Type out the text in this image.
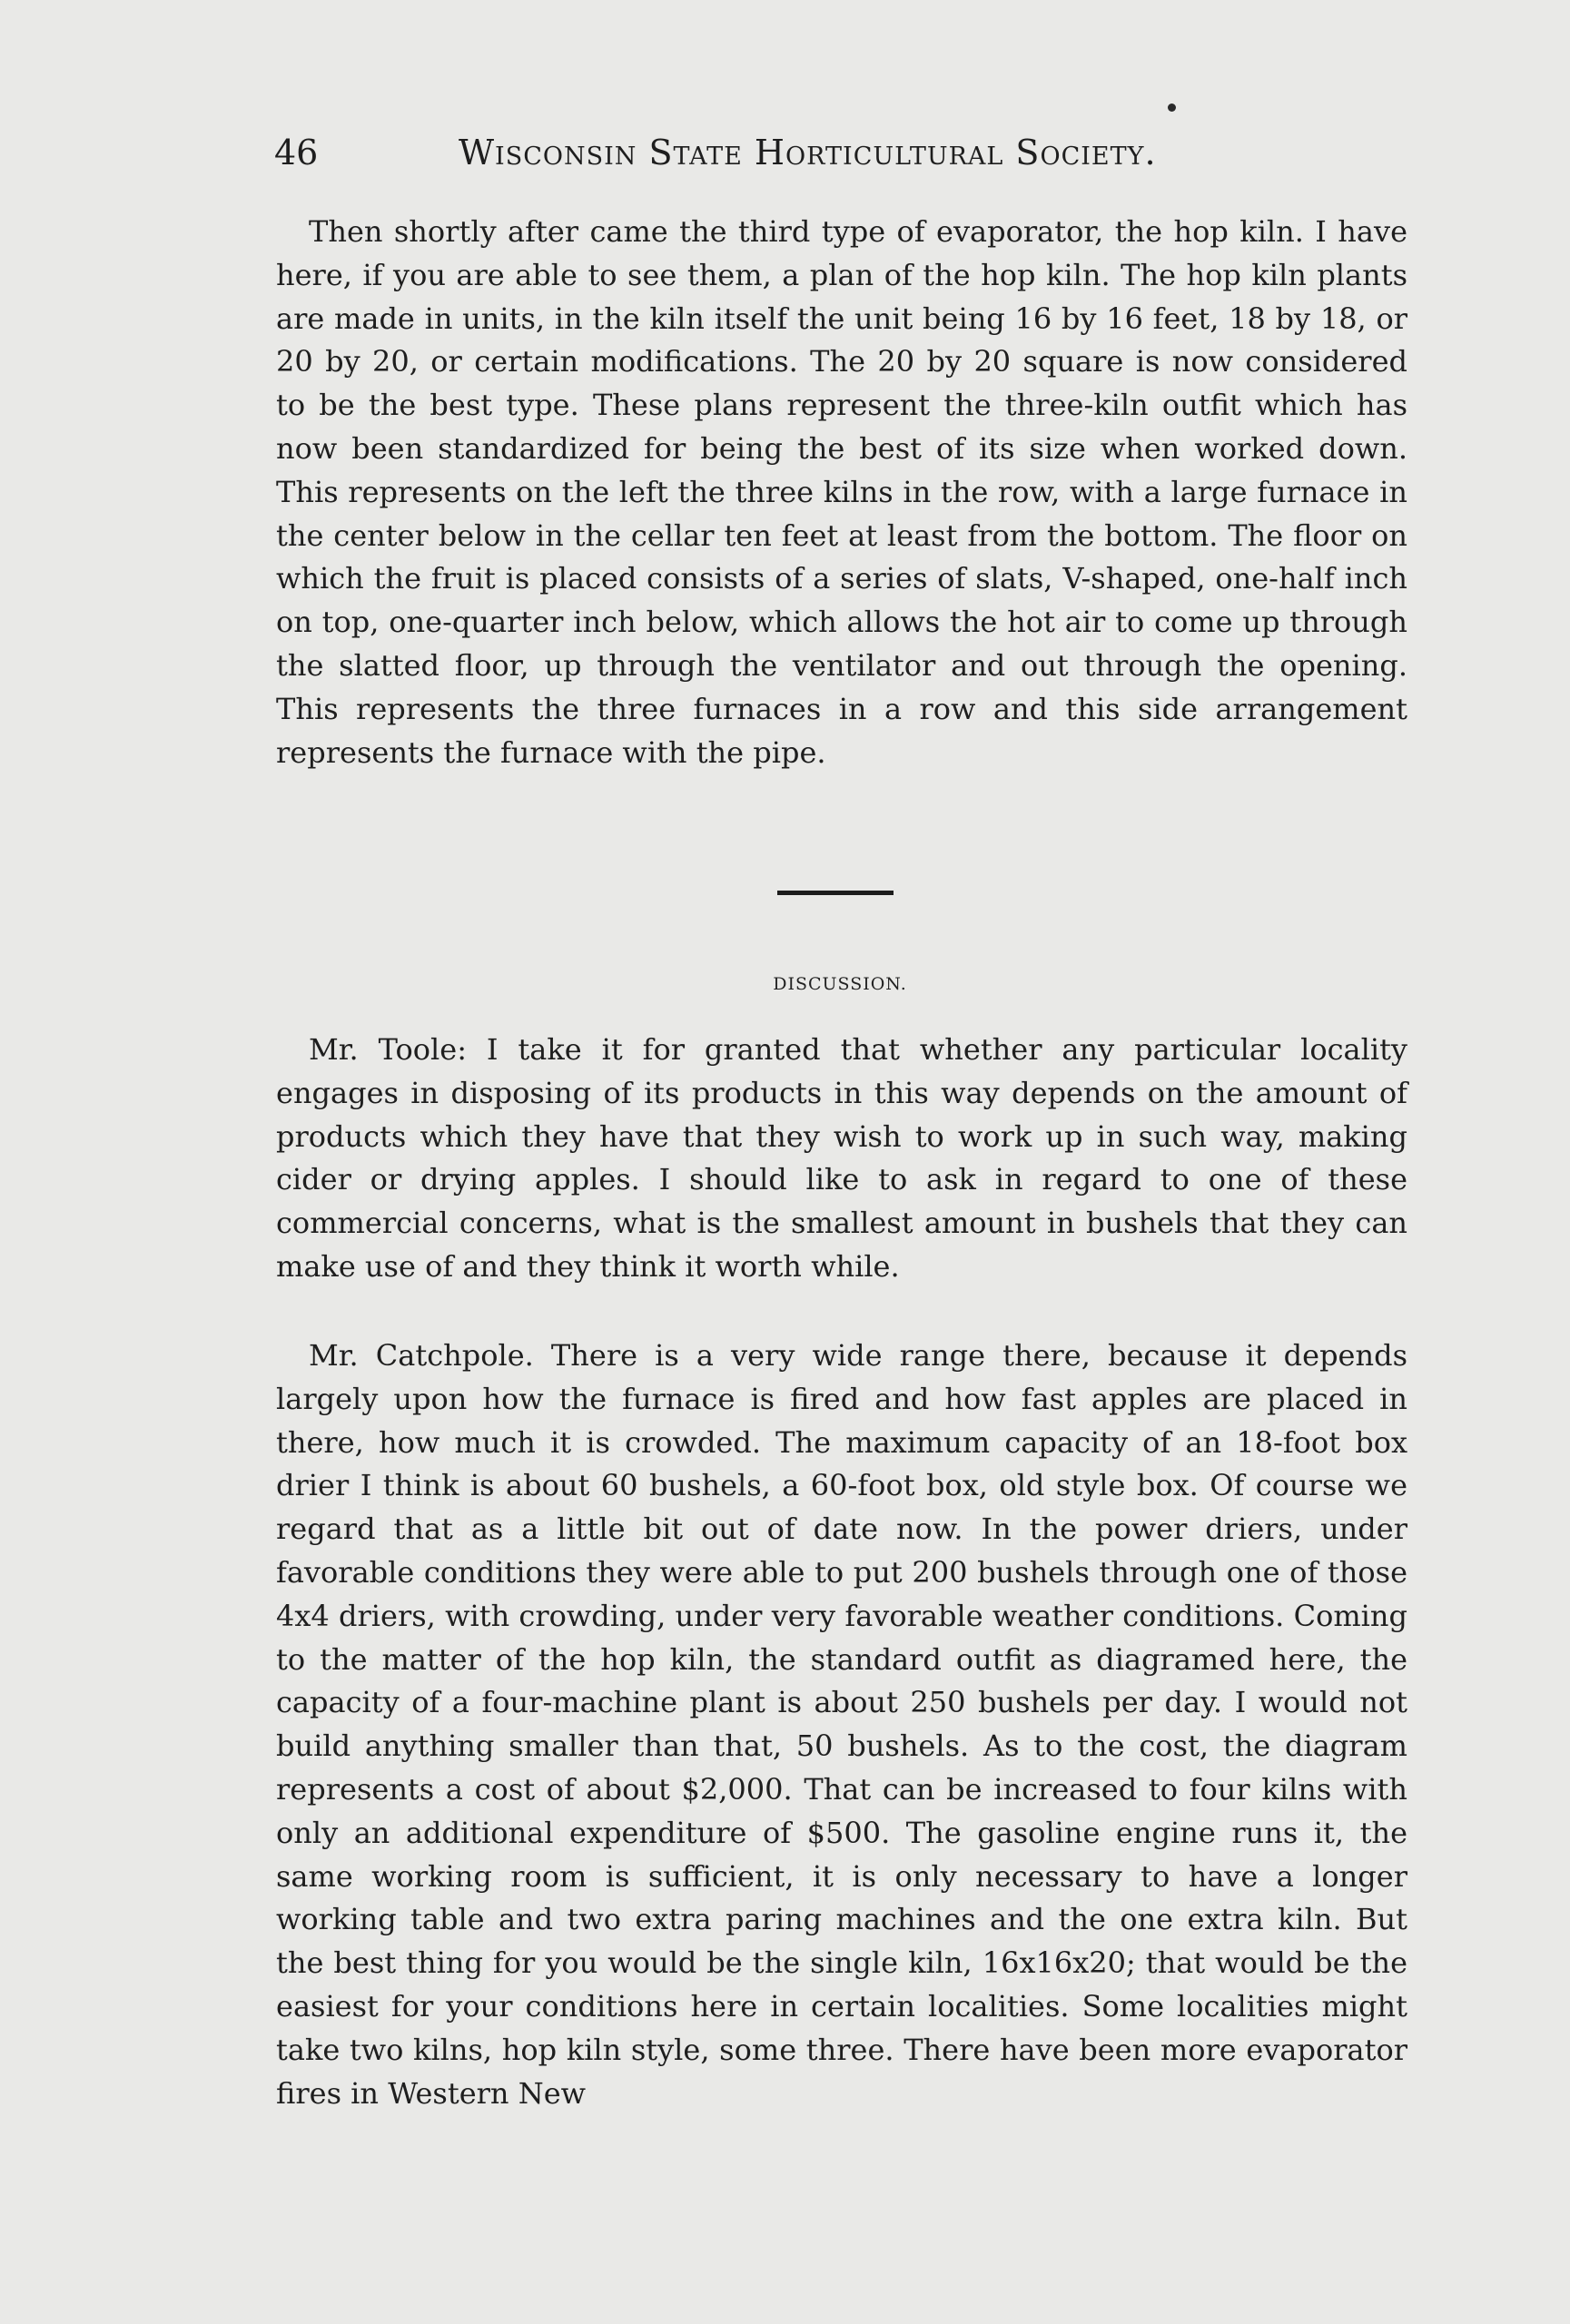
46	Wisconsin State Horticultural Society.

Then shortly after came the third type of evaporator, the hop kiln. I have here, if you are able to see them, a plan of the hop kiln. The hop kiln plants are made in units, in the kiln itself the unit being 16 by 16 feet, 18 by 18, or 20 by 20, or certain modifications. The 20 by 20 square is now considered to be the best type. These plans represent the three-kiln outfit which has now been standardized for being the best of its size when worked down. This represents on the left the three kilns in the row, with a large furnace in the center below in the cellar ten feet at least from the bottom. The floor on which the fruit is placed consists of a series of slats, V-shaped, one-half inch on top, one-quarter inch below, which allows the hot air to come up through the slatted floor, up through the ventilator and out through the opening. This represents the three furnaces in a row and this side arrangement represents the furnace with the pipe.

DISCUSSION.

Mr. Toole: I take it for granted that whether any particular locality engages in disposing of its products in this way depends on the amount of products which they have that they wish to work up in such way, making cider or drying apples. I should like to ask in regard to one of these commercial concerns, what is the smallest amount in bushels that they can make use of and they think it worth while.

Mr. Catchpole. There is a very wide range there, because it depends largely upon how the furnace is fired and how fast apples are placed in there, how much it is crowded. The maximum capacity of an 18-foot box drier I think is about 60 bushels, a 60-foot box, old style box. Of course we regard that as a little bit out of date now. In the power driers, under favorable conditions they were able to put 200 bushels through one of those 4x4 driers, with crowding, under very favorable weather conditions. Coming to the matter of the hop kiln, the standard outfit as diagramed here, the capacity of a four-machine plant is about 250 bushels per day. I would not build anything smaller than that, 50 bushels. As to the cost, the diagram represents a cost of about $2,000. That can be increased to four kilns with only an additional expenditure of $500. The gasoline engine runs it, the same working room is sufficient, it is only necessary to have a longer working table and two extra paring machines and the one extra kiln. But the best thing for you would be the single kiln, 16x16x20; that would be the easiest for your conditions here in certain localities. Some localities might take two kilns, hop kiln style, some three. There have been more evaporator fires in Western New
